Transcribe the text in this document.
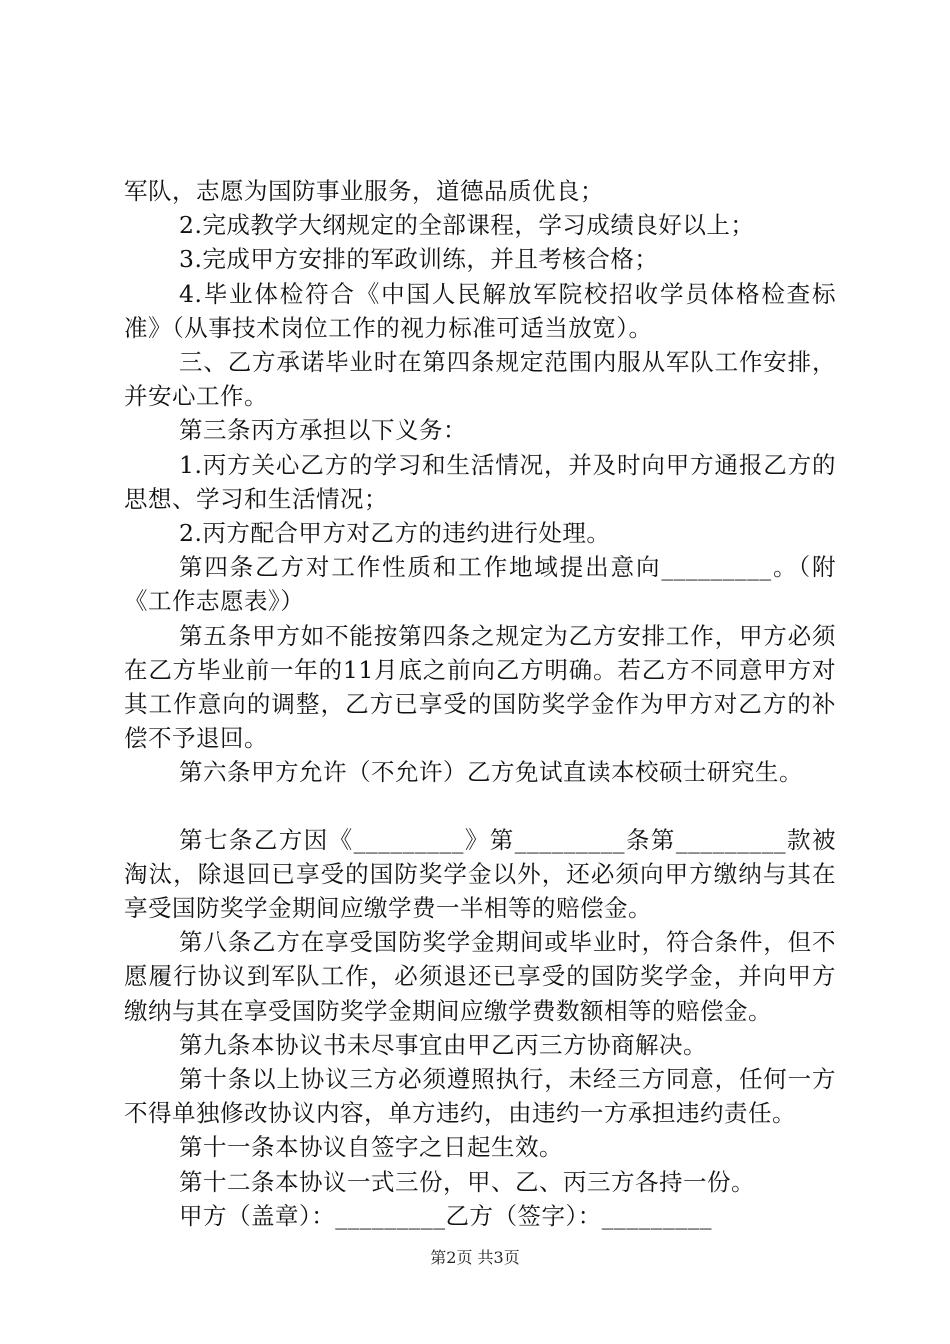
军队，志愿为国防事业服务，道德品质优良；

2.完成教学大纲规定的全部课程，学习成绩良好以上；

3.完成甲方安排的军政训练，并且考核合格；

4.毕业体检符合《中国人民解放军院校招收学员体格检查标准》（从事技术岗位工作的视力标准可适当放宽）。

三、乙方承诺毕业时在第四条规定范围内服从军队工作安排，并安心工作。

第三条丙方承担以下义务：

1.丙方关心乙方的学习和生活情况，并及时向甲方通报乙方的思想、学习和生活情况；

2.丙方配合甲方对乙方的违约进行处理。

第四条乙方对工作性质和工作地域提出意向_________。（附《工作志愿表》）

第五条甲方如不能按第四条之规定为乙方安排工作，甲方必须在乙方毕业前一年的11月底之前向乙方明确。若乙方不同意甲方对其工作意向的调整，乙方已享受的国防奖学金作为甲方对乙方的补偿不予退回。

第六条甲方允许（不允许）乙方免试直读本校硕士研究生。

第七条乙方因《_________》第_________条第_________款被淘汰，除退回已享受的国防奖学金以外，还必须向甲方缴纳与其在享受国防奖学金期间应缴学费一半相等的赔偿金。

第八条乙方在享受国防奖学金期间或毕业时，符合条件，但不愿履行协议到军队工作，必须退还已享受的国防奖学金，并向甲方缴纳与其在享受国防奖学金期间应缴学费数额相等的赔偿金。

第九条本协议书未尽事宜由甲乙丙三方协商解决。

第十条以上协议三方必须遵照执行，未经三方同意，任何一方不得单独修改协议内容，单方违约，由违约一方承担违约责任。

第十一条本协议自签字之日起生效。

第十二条本协议一式三份，甲、乙、丙三方各持一份。

甲方（盖章）：_________乙方（签字）：_________

第2页 共3页
